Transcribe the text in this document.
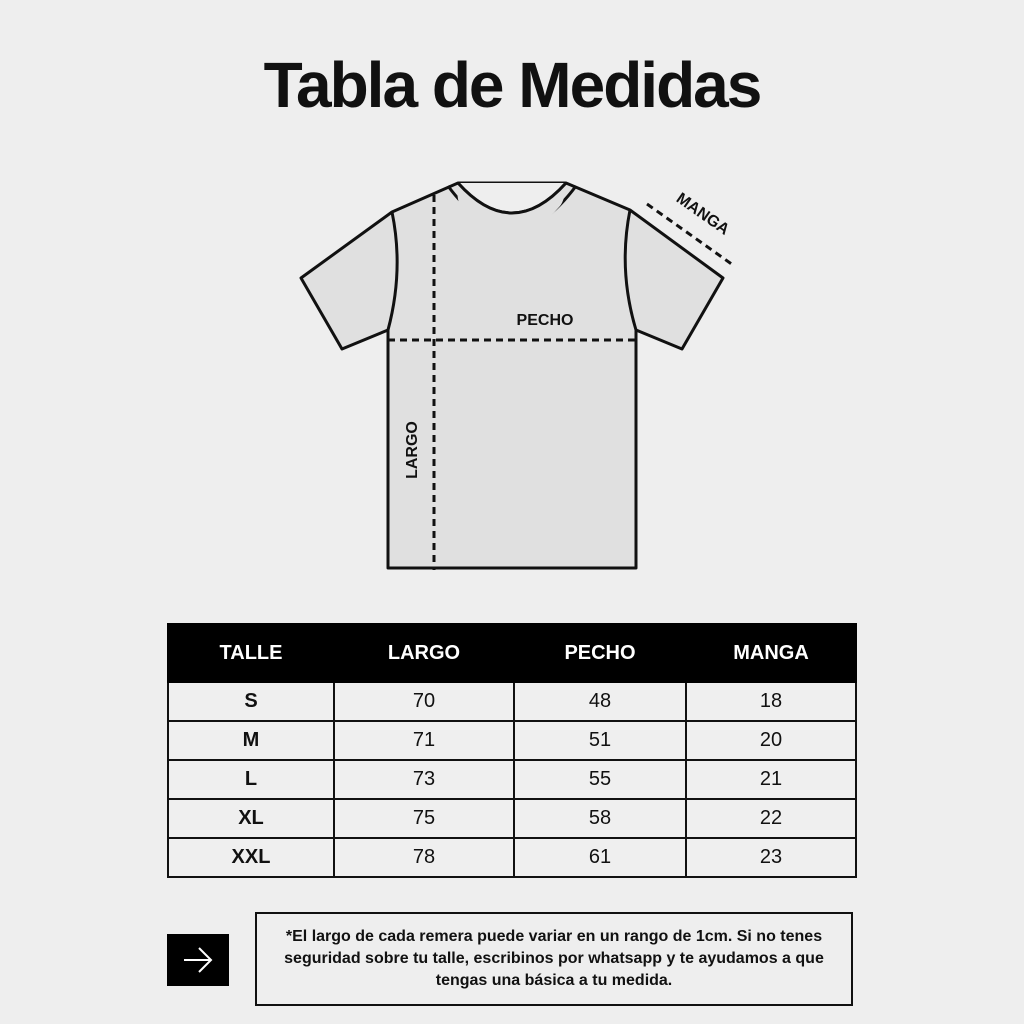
Tabla de Medidas
MANGA
PECHO
LARGO
TALLE	LARGO	PECHO	MANGA
S	70	48	18
M	71	51	20
L	73	55	21
XL	75	58	22
XXL	78	61	23

*El largo de cada remera puede variar en un rango de 1cm. Si no tenes seguridad sobre tu talle, escribinos por whatsapp y te ayudamos a que tengas una básica a tu medida.
